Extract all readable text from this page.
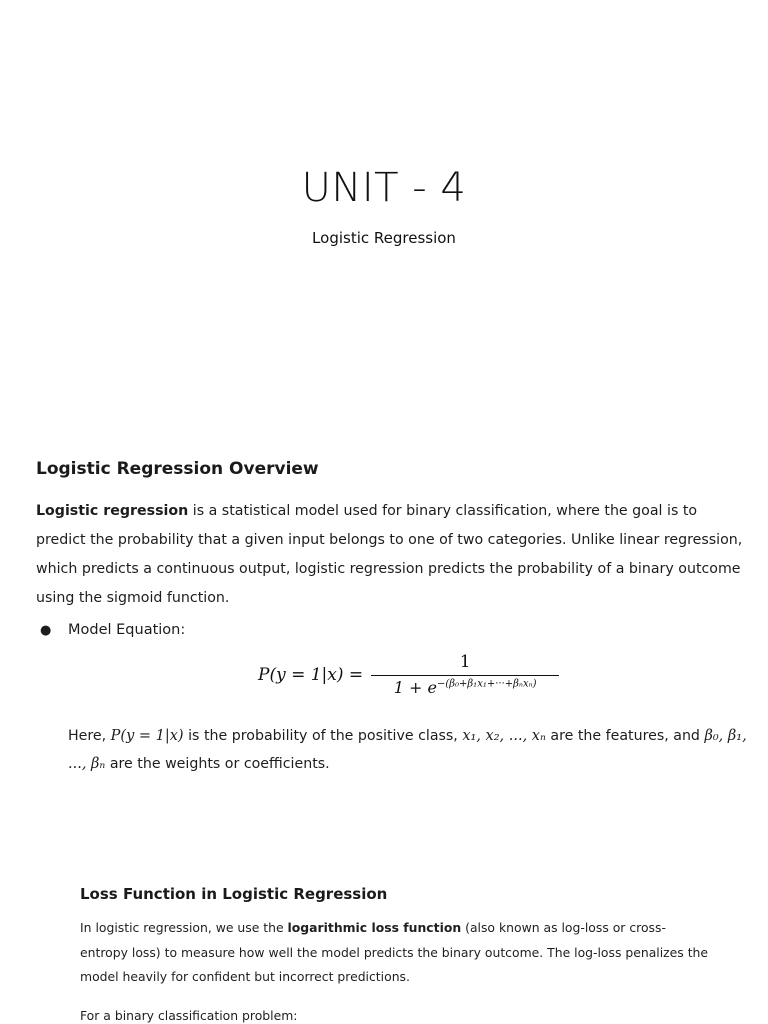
UNIT - 4
Logistic Regression
Logistic Regression Overview
Logistic regression is a statistical model used for binary classification, where the goal is to predict the probability that a given input belongs to one of two categories. Unlike linear regression, which predicts a continuous output, logistic regression predicts the probability of a binary outcome using the sigmoid function.
● Model Equation:
$P(y = 1|x) = \frac{1}{1 + e^{-(\beta_0+\beta_1x_1+\cdot\cdot\cdot+\beta_nx_n)}}$
Here, P(y = 1|x) is the probability of the positive class, x₁, x₂, ..., xₙ are the features, and β₀, β₁, ..., βₙ are the weights or coefficients.
Loss Function in Logistic Regression
In logistic regression, we use the logarithmic loss function (also known as log-loss or cross-entropy loss) to measure how well the model predicts the binary outcome. The log-loss penalizes the model heavily for confident but incorrect predictions.
For a binary classification problem:
